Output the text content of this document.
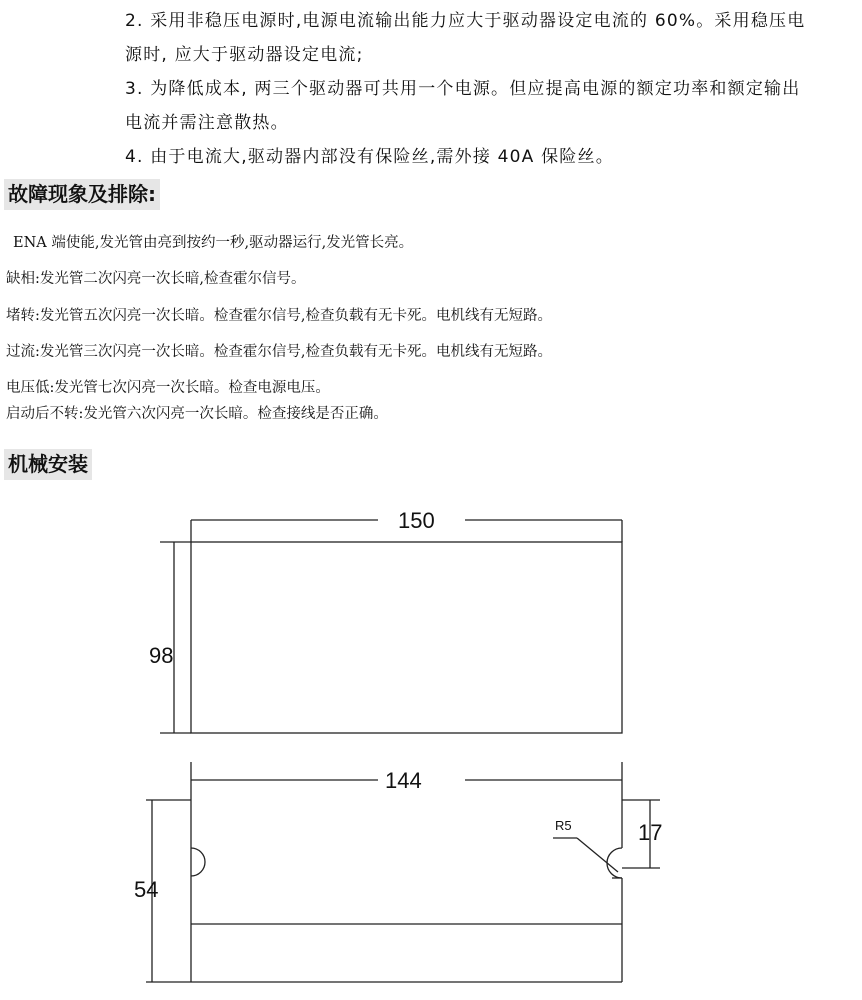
2. 采用非稳压电源时,电源电流输出能力应大于驱动器设定电流的 60%。采用稳压电

源时, 应大于驱动器设定电流;

3. 为降低成本, 两三个驱动器可共用一个电源。但应提高电源的额定功率和额定输出

电流并需注意散热。

4. 由于电流大,驱动器内部没有保险丝,需外接 40A 保险丝。

故障现象及排除:

ENA 端使能,发光管由亮到按约一秒,驱动器运行,发光管长亮。

缺相:发光管二次闪亮一次长暗,检查霍尔信号。

堵转:发光管五次闪亮一次长暗。检查霍尔信号,检查负载有无卡死。电机线有无短路。

过流:发光管三次闪亮一次长暗。检查霍尔信号,检查负载有无卡死。电机线有无短路。

电压低:发光管七次闪亮一次长暗。检查电源电压。

启动后不转:发光管六次闪亮一次长暗。检查接线是否正确。

机械安装
150
98
144
54
17
R5
